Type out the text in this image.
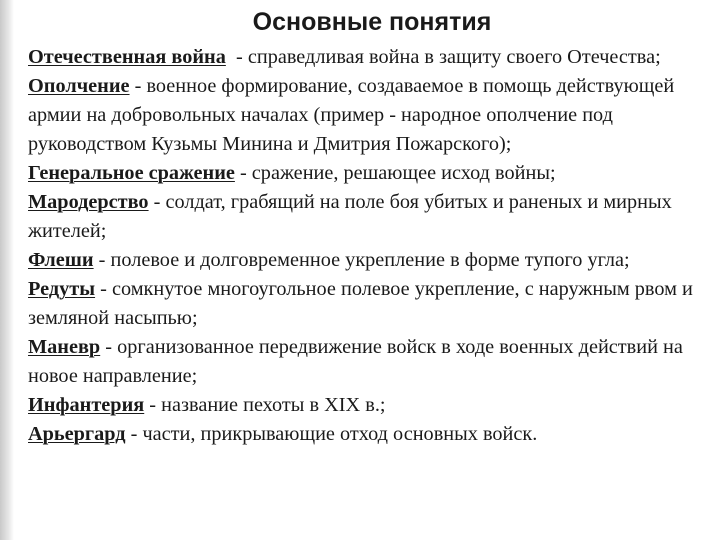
Основные понятия

Отечественная война  - справедливая война в защиту своего Отечества;

Ополчение - военное формирование, создаваемое в помощь действующей армии на добровольных началах (пример - народное ополчение под руководством Кузьмы Минина и Дмитрия Пожарского);

Генеральное сражение - сражение, решающее исход войны;

Мародерство - солдат, грабящий на поле боя убитых и раненых и мирных жителей;

Флеши - полевое и долговременное укрепление в форме тупого угла;

Редуты - сомкнутое многоугольное полевое укрепление, с наружным рвом и земляной насыпью;

Маневр - организованное передвижение войск в ходе военных действий на новое направление;

Инфантерия - название пехоты в XIX в.;

Арьергард - части, прикрывающие отход основных войск.
